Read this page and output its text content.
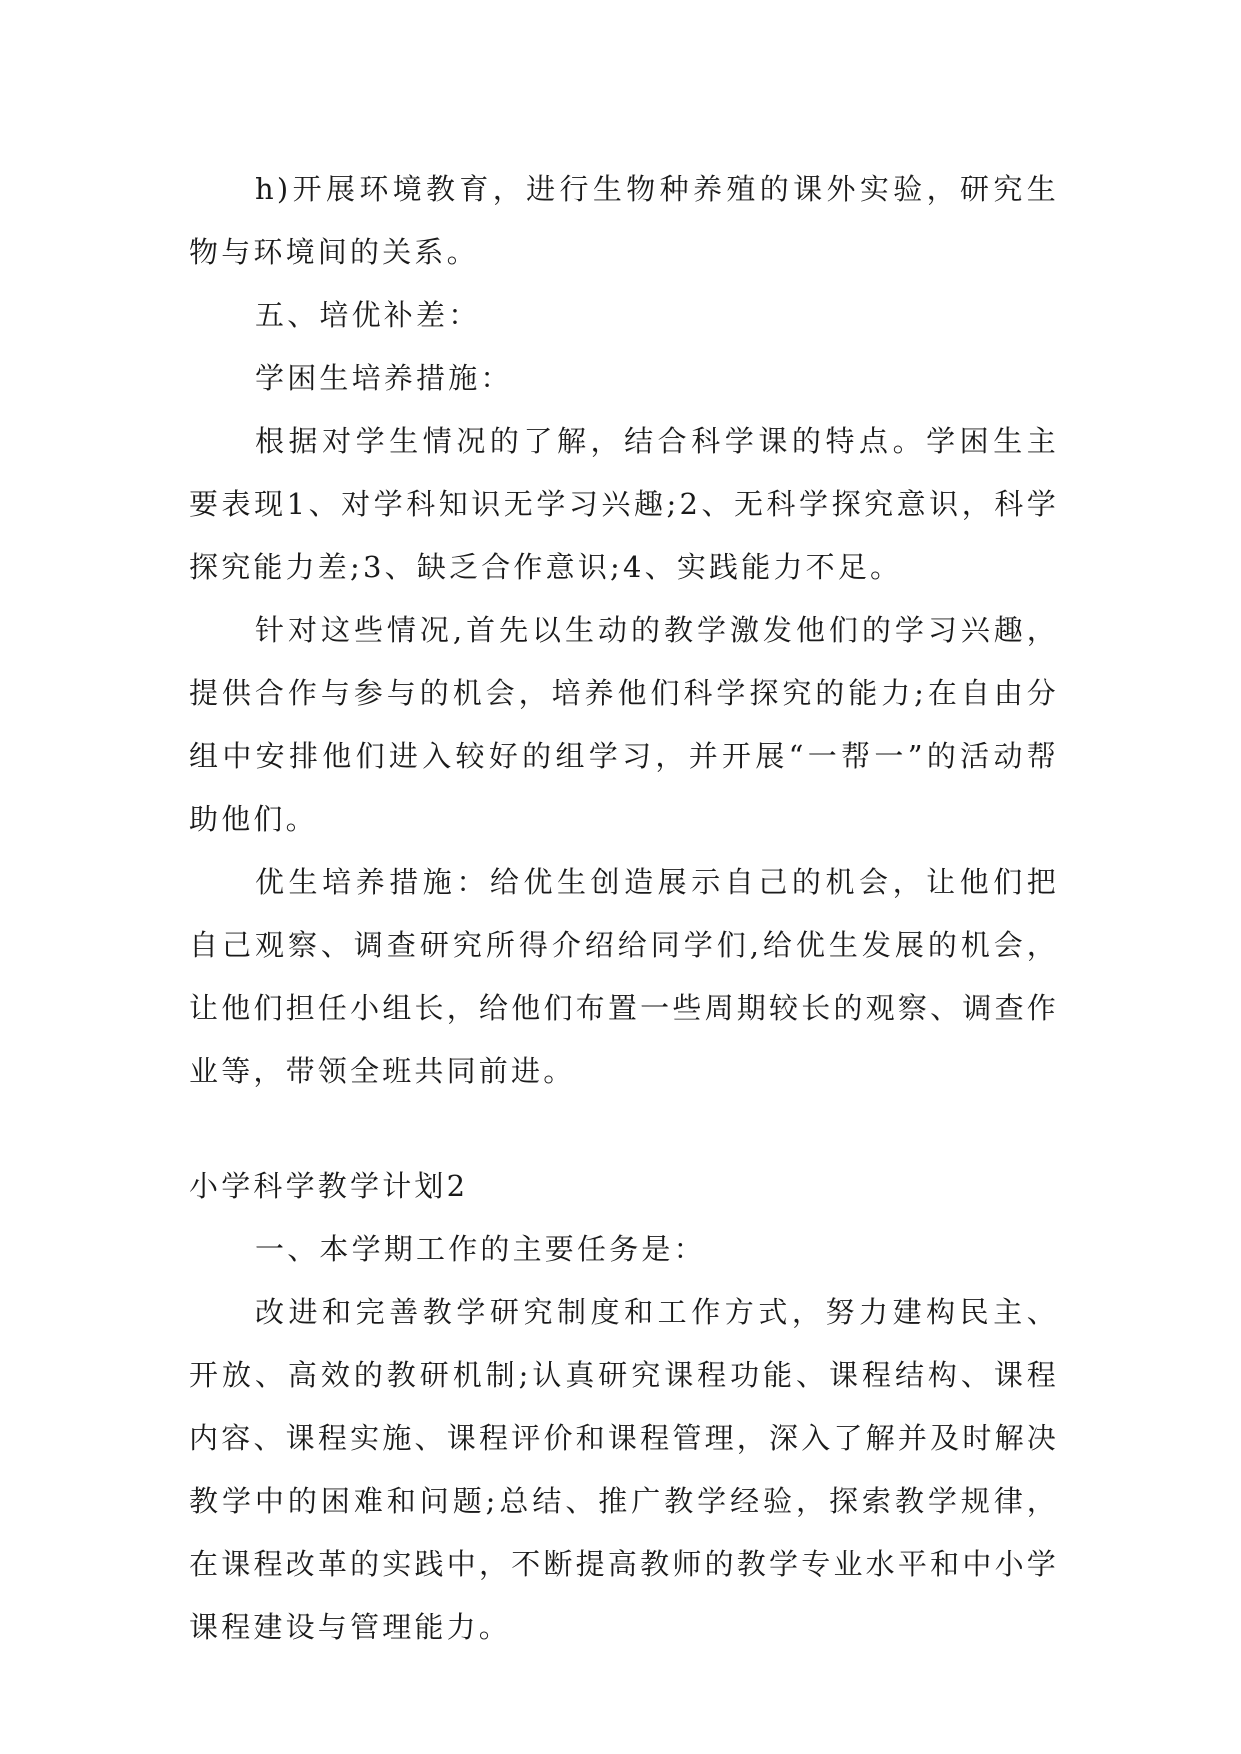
h)开展环境教育，进行生物种养殖的课外实验，研究生物与环境间的关系。

五、培优补差：

学困生培养措施：

根据对学生情况的了解，结合科学课的特点。学困生主要表现1、对学科知识无学习兴趣;2、无科学探究意识，科学探究能力差;3、缺乏合作意识;4、实践能力不足。

针对这些情况,首先以生动的教学激发他们的学习兴趣，提供合作与参与的机会，培养他们科学探究的能力;在自由分组中安排他们进入较好的组学习，并开展“一帮一”的活动帮助他们。

优生培养措施：给优生创造展示自己的机会，让他们把自己观察、调查研究所得介绍给同学们,给优生发展的机会，让他们担任小组长，给他们布置一些周期较长的观察、调查作业等，带领全班共同前进。

小学科学教学计划2

一、本学期工作的主要任务是：

改进和完善教学研究制度和工作方式，努力建构民主、开放、高效的教研机制;认真研究课程功能、课程结构、课程内容、课程实施、课程评价和课程管理，深入了解并及时解决教学中的困难和问题;总结、推广教学经验，探索教学规律，在课程改革的实践中，不断提高教师的教学专业水平和中小学课程建设与管理能力。
